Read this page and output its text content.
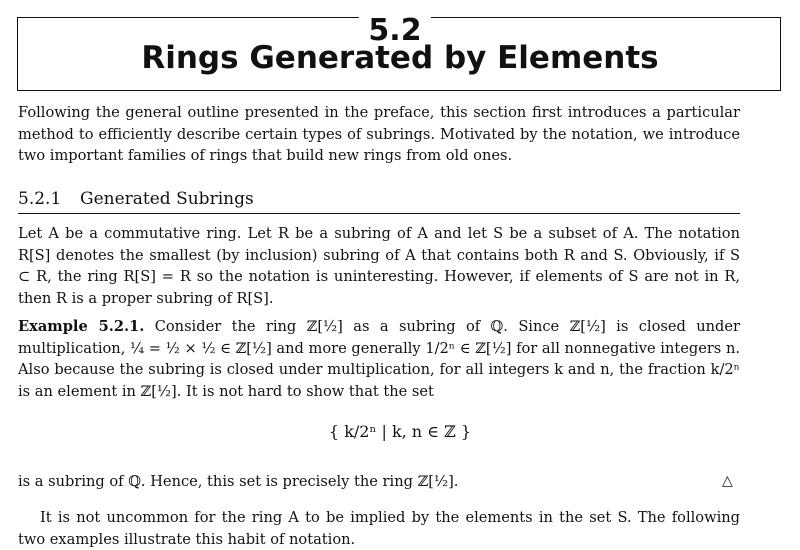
5.2
Rings Generated by Elements

Following the general outline presented in the preface, this section first introduces a particular method to efficiently describe certain types of subrings. Motivated by the notation, we introduce two important families of rings that build new rings from old ones.

5.2.1 Generated Subrings

Let A be a commutative ring. Let R be a subring of A and let S be a subset of A. The notation R[S] denotes the smallest (by inclusion) subring of A that contains both R and S. Obviously, if S ⊂ R, the ring R[S] = R so the notation is uninteresting. However, if elements of S are not in R, then R is a proper subring of R[S].

Example 5.2.1. Consider the ring ℤ[½] as a subring of ℚ. Since ℤ[½] is closed under multiplication, ¼ = ½ × ½ ∈ ℤ[½] and more generally 1/2ⁿ ∈ ℤ[½] for all nonnegative integers n. Also because the subring is closed under multiplication, for all integers k and n, the fraction k/2ⁿ is an element in ℤ[½]. It is not hard to show that the set

{ k/2ⁿ | k, n ∈ ℤ }

is a subring of ℚ. Hence, this set is precisely the ring ℤ[½].	△

It is not uncommon for the ring A to be implied by the elements in the set S. The following two examples illustrate this habit of notation.
